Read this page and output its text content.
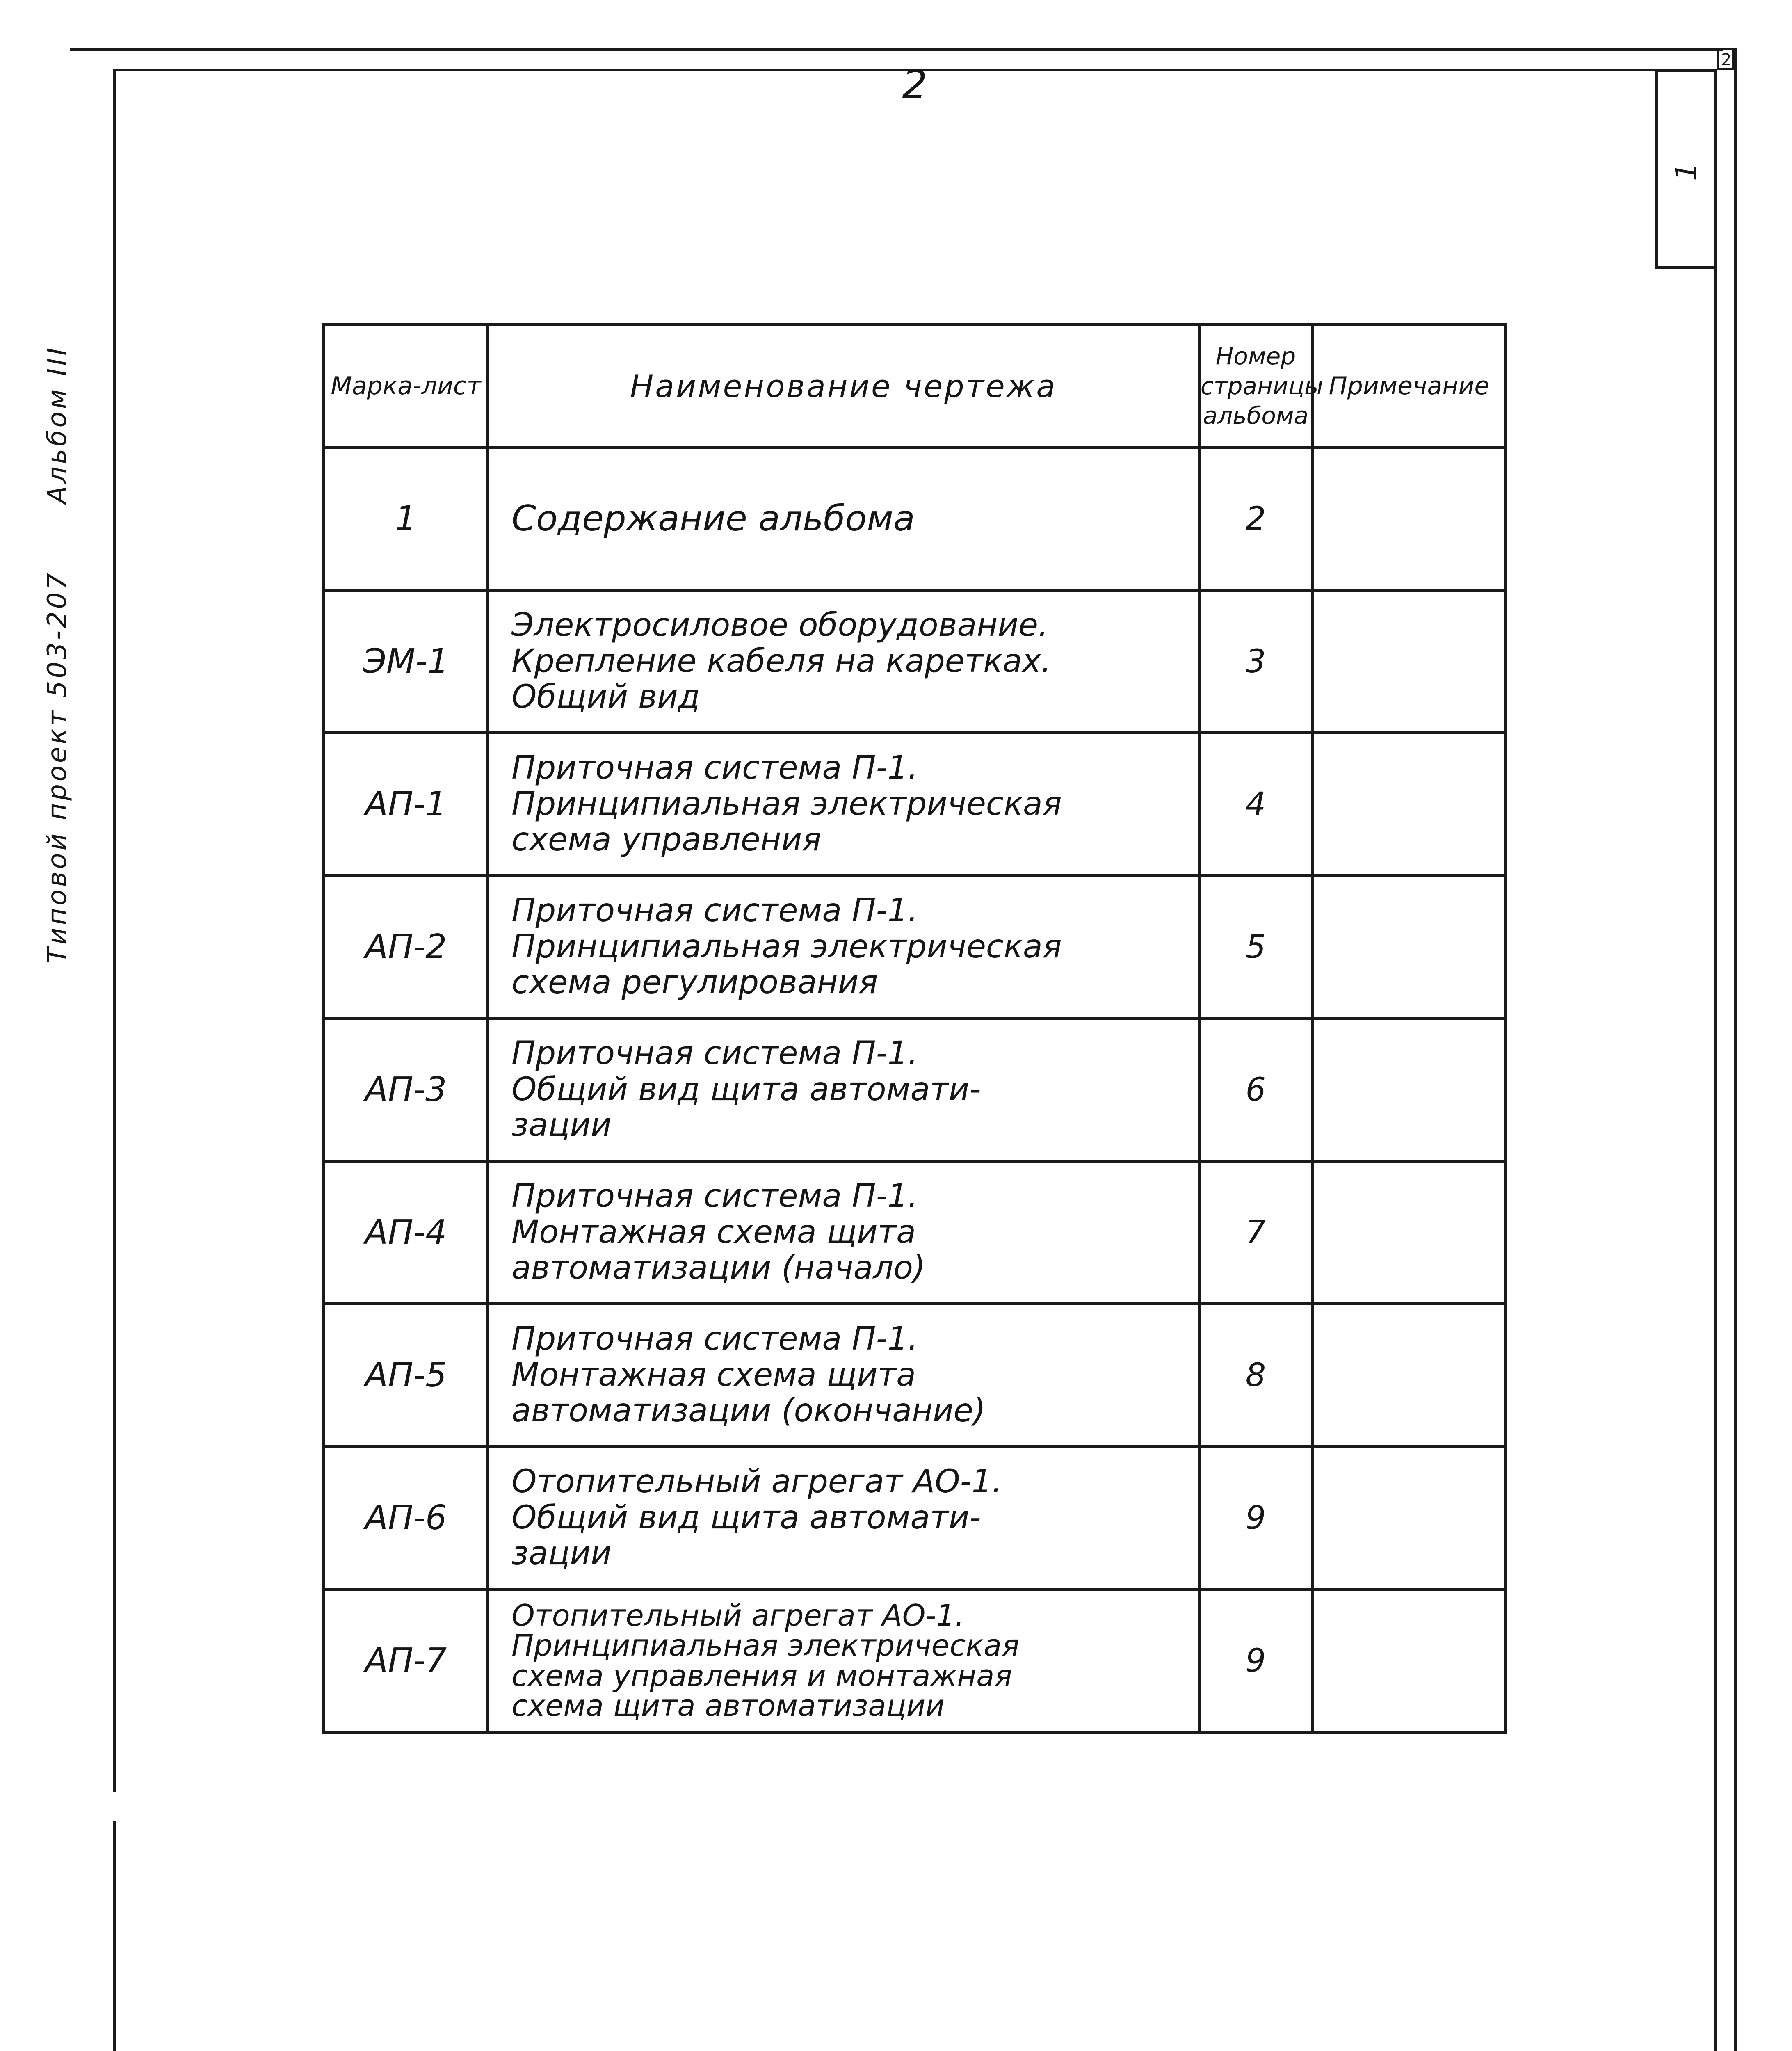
2
1
2
Типовой проект 503-207  Альбом III	Марка-лист	Наименование чертежа	Номер
страницы
альбома	Примечание
1	Содержание альбома	2	
ЭМ-1	Электросиловое оборудование.
Крепление кабеля на каретках.
Общий вид	3	
АП-1	Приточная система П-1.
Принципиальная электрическая
схема управления	4	
АП-2	Приточная система П-1.
Принципиальная электрическая
схема регулирования	5	
АП-3	Приточная система П-1.
Общий вид щита автомати-
зации	6	
АП-4	Приточная система П-1.
Монтажная схема щита
автоматизации (начало)	7	
АП-5	Приточная система П-1.
Монтажная схема щита
автоматизации (окончание)	8	
АП-6	Отопительный агрегат АО-1.
Общий вид щита автомати-
зации	9	
АП-7	Отопительный агрегат АО-1.
Принципиальная электрическая
схема управления и монтажная
схема щита автоматизации	9	
